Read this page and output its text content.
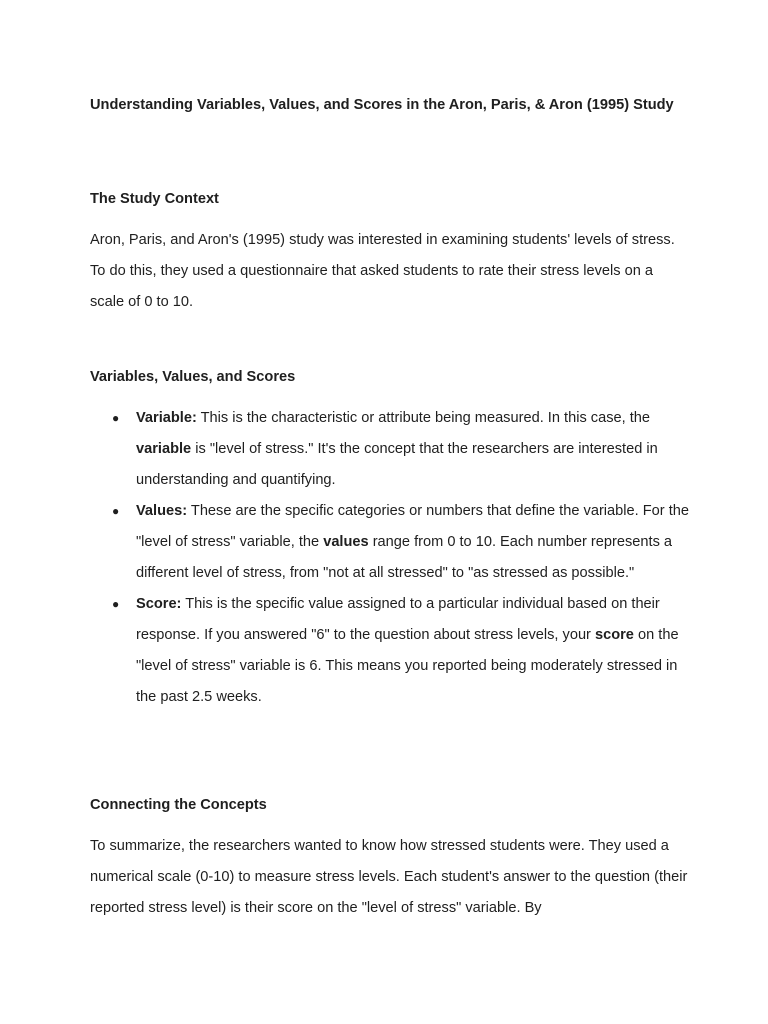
Understanding Variables, Values, and Scores in the Aron, Paris, & Aron (1995) Study
The Study Context

Aron, Paris, and Aron's (1995) study was interested in examining students' levels of stress. To do this, they used a questionnaire that asked students to rate their stress levels on a scale of 0 to 10.

Variables, Values, and Scores
● Variable: This is the characteristic or attribute being measured. In this case, the variable is "level of stress." It's the concept that the researchers are interested in understanding and quantifying.
● Values: These are the specific categories or numbers that define the variable. For the "level of stress" variable, the values range from 0 to 10. Each number represents a different level of stress, from "not at all stressed" to "as stressed as possible."
● Score: This is the specific value assigned to a particular individual based on their response. If you answered "6" to the question about stress levels, your score on the "level of stress" variable is 6. This means you reported being moderately stressed in the past 2.5 weeks.
Connecting the Concepts

To summarize, the researchers wanted to know how stressed students were. They used a numerical scale (0-10) to measure stress levels. Each student's answer to the question (their reported stress level) is their score on the "level of stress" variable. By
